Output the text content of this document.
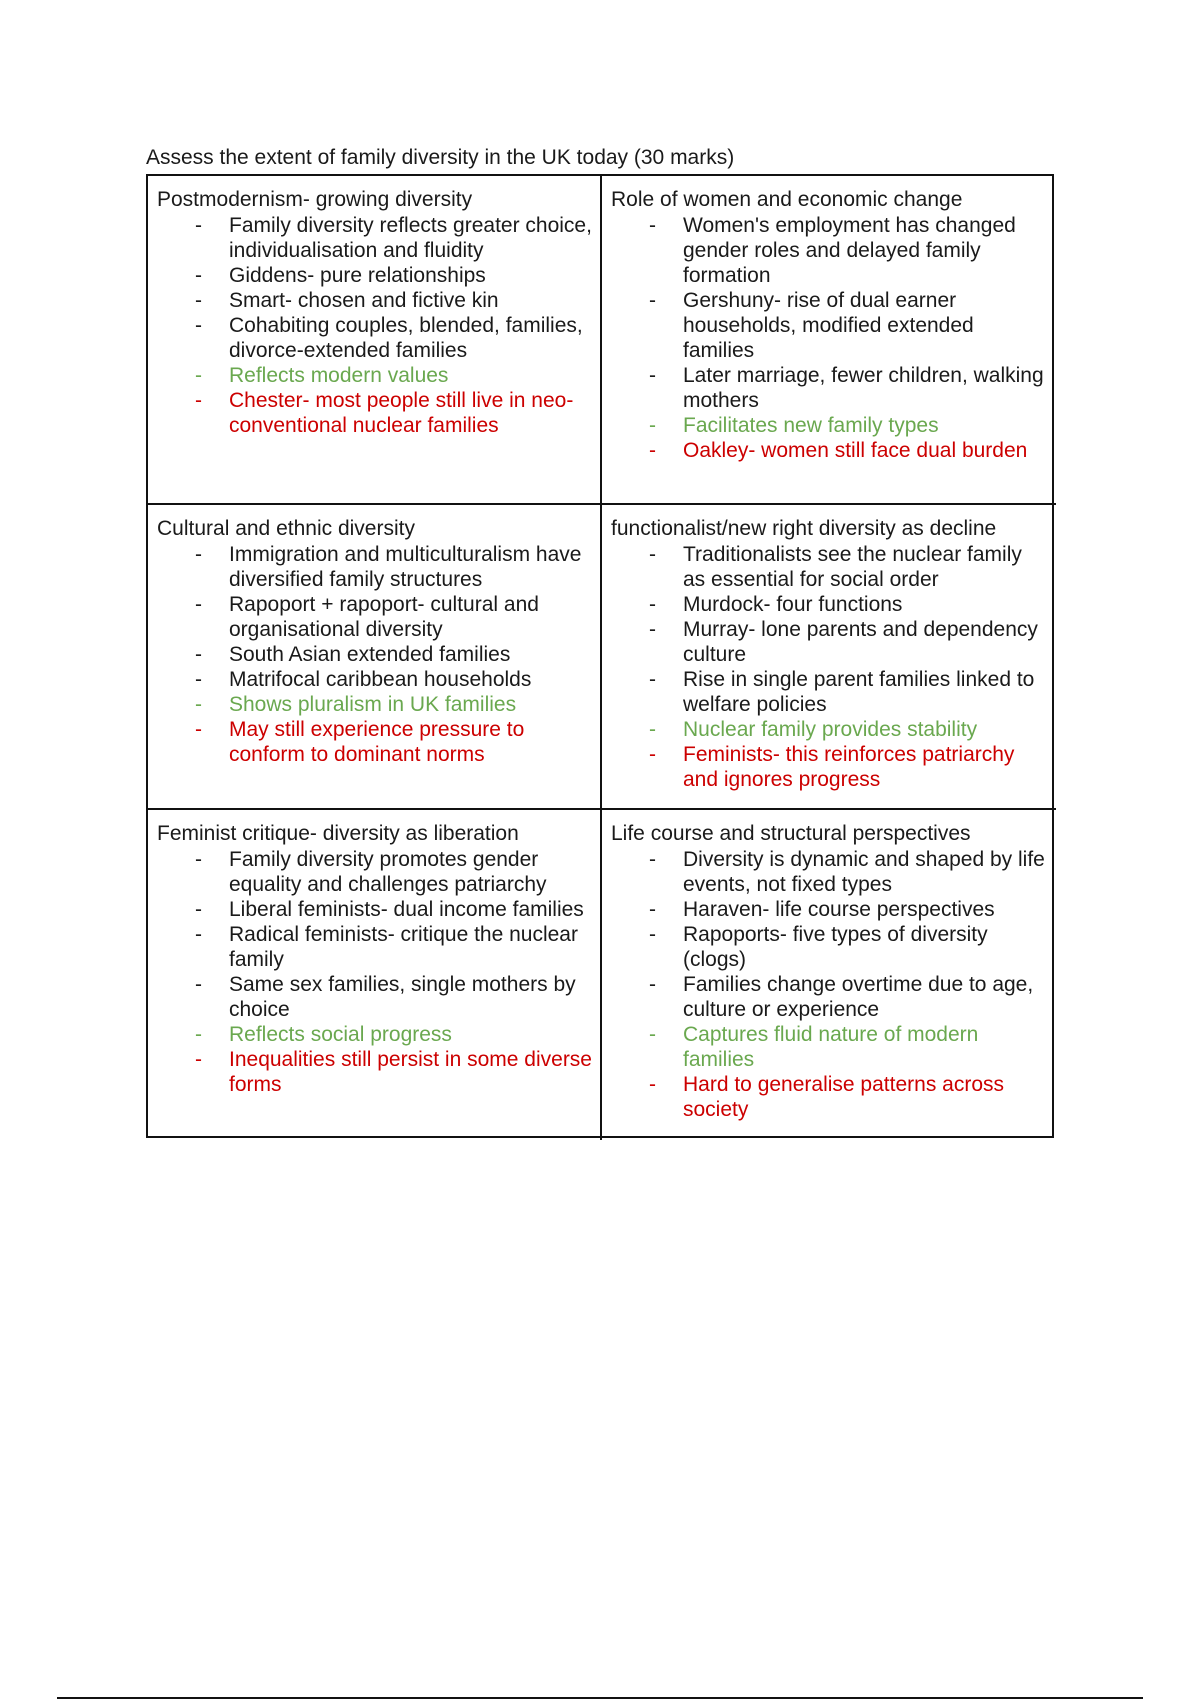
Assess the extent of family diversity in the UK today (30 marks)
Postmodernism- growing diversity
- Family diversity reflects greater choice, individualisation and fluidity
- Giddens- pure relationships
- Smart- chosen and fictive kin
- Cohabiting couples, blended, families, divorce-extended families
- Reflects modern values
- Chester- most people still live in neo-conventional nuclear families
Role of women and economic change
- Women's employment has changed gender roles and delayed family formation
- Gershuny- rise of dual earner households, modified extended families
- Later marriage, fewer children, walking mothers
- Facilitates new family types
- Oakley- women still face dual burden
Cultural and ethnic diversity
- Immigration and multiculturalism have diversified family structures
- Rapoport + rapoport- cultural and organisational diversity
- South Asian extended families
- Matrifocal caribbean households
- Shows pluralism in UK families
- May still experience pressure to conform to dominant norms
functionalist/new right diversity as decline
- Traditionalists see the nuclear family as essential for social order
- Murdock- four functions
- Murray- lone parents and dependency culture
- Rise in single parent families linked to welfare policies
- Nuclear family provides stability
- Feminists- this reinforces patriarchy and ignores progress
Feminist critique- diversity as liberation
- Family diversity promotes gender equality and challenges patriarchy
- Liberal feminists- dual income families
- Radical feminists- critique the nuclear family
- Same sex families, single mothers by choice
- Reflects social progress
- Inequalities still persist in some diverse forms
Life course and structural perspectives
- Diversity is dynamic and shaped by life events, not fixed types
- Haraven- life course perspectives
- Rapoports- five types of diversity (clogs)
- Families change overtime due to age, culture or experience
- Captures fluid nature of modern families
- Hard to generalise patterns across society
